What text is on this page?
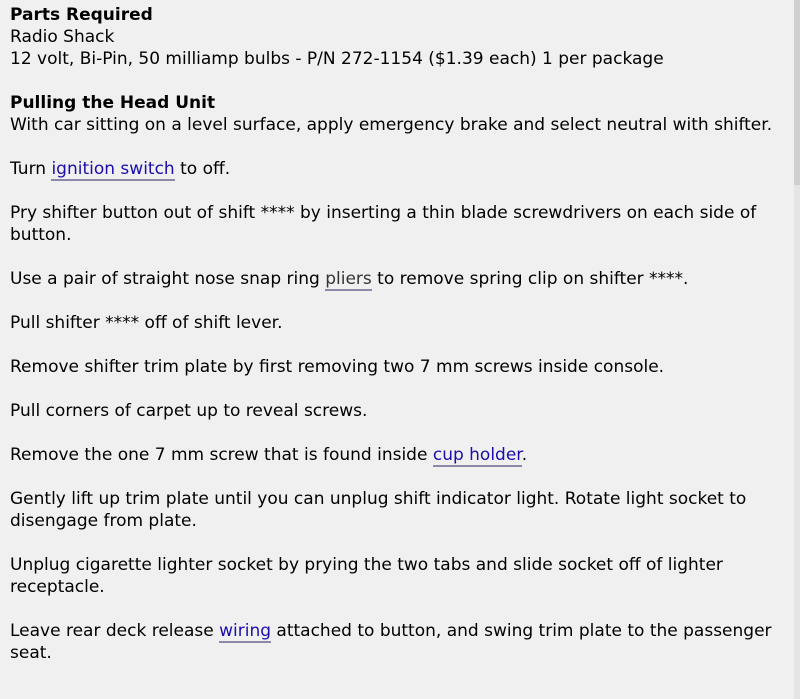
Parts Required
Radio Shack
12 volt, Bi-Pin, 50 milliamp bulbs - P/N 272-1154 ($1.39 each) 1 per package

Pulling the Head Unit
With car sitting on a level surface, apply emergency brake and select neutral with shifter.

Turn ignition switch to off.

Pry shifter button out of shift **** by inserting a thin blade screwdrivers on each side of button.

Use a pair of straight nose snap ring pliers to remove spring clip on shifter ****.

Pull shifter **** off of shift lever.

Remove shifter trim plate by first removing two 7 mm screws inside console.

Pull corners of carpet up to reveal screws.

Remove the one 7 mm screw that is found inside cup holder.

Gently lift up trim plate until you can unplug shift indicator light. Rotate light socket to disengage from plate.

Unplug cigarette lighter socket by prying the two tabs and slide socket off of lighter receptacle.

Leave rear deck release wiring attached to button, and swing trim plate to the passenger seat.
